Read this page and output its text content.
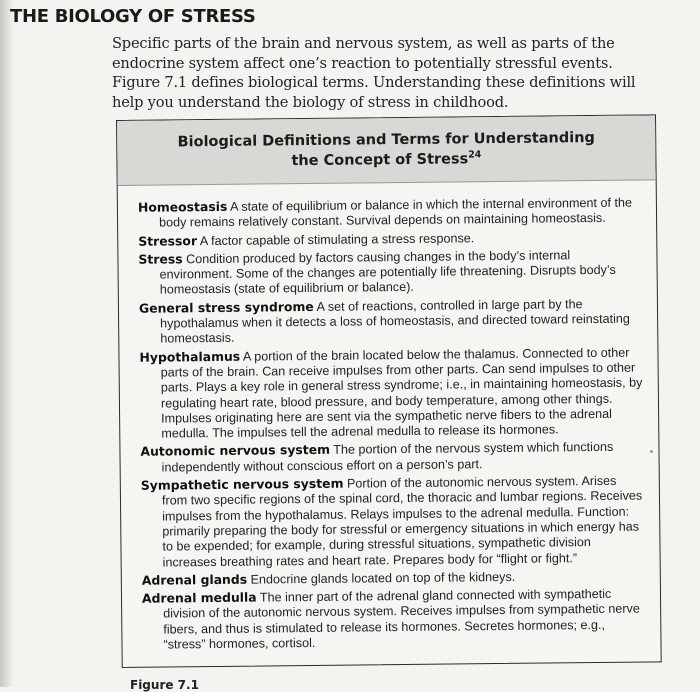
THE BIOLOGY OF STRESS

Specific parts of the brain and nervous system, as well as parts of the endocrine system affect one’s reaction to potentially stressful events. Figure 7.1 defines biological terms. Understanding these definitions will help you understand the biology of stress in childhood.

Biological Definitions and Terms for Understanding
the Concept of Stress$^{24}$
Homeostasis A state of equilibrium or balance in which the internal environment of the body remains relatively constant. Survival depends on maintaining homeostasis.
Stressor A factor capable of stimulating a stress response.
Stress Condition produced by factors causing changes in the body’s internal environment. Some of the changes are potentially life threatening. Disrupts body’s homeostasis (state of equilibrium or balance).
General stress syndrome A set of reactions, controlled in large part by the hypothalamus when it detects a loss of homeostasis, and directed toward reinstating homeostasis.
Hypothalamus A portion of the brain located below the thalamus. Connected to other parts of the brain. Can receive impulses from other parts. Can send impulses to other parts. Plays a key role in general stress syndrome; i.e., in maintaining homeostasis, by regulating heart rate, blood pressure, and body temperature, among other things. Impulses originating here are sent via the sympathetic nerve fibers to the adrenal medulla. The impulses tell the adrenal medulla to release its hormones.
Autonomic nervous system The portion of the nervous system which functions independently without conscious effort on a person’s part.
Sympathetic nervous system Portion of the autonomic nervous system. Arises from two specific regions of the spinal cord, the thoracic and lumbar regions. Receives impulses from the hypothalamus. Relays impulses to the adrenal medulla. Function: primarily preparing the body for stressful or emergency situations in which energy has to be expended; for example, during stressful situations, sympathetic division increases breathing rates and heart rate. Prepares body for “flight or fight.”
Adrenal glands Endocrine glands located on top of the kidneys.
Adrenal medulla The inner part of the adrenal gland connected with sympathetic division of the autonomic nervous system. Receives impulses from sympathetic nerve fibers, and thus is stimulated to release its hormones. Secretes hormones; e.g., “stress” hormones, cortisol.
Figure 7.1
